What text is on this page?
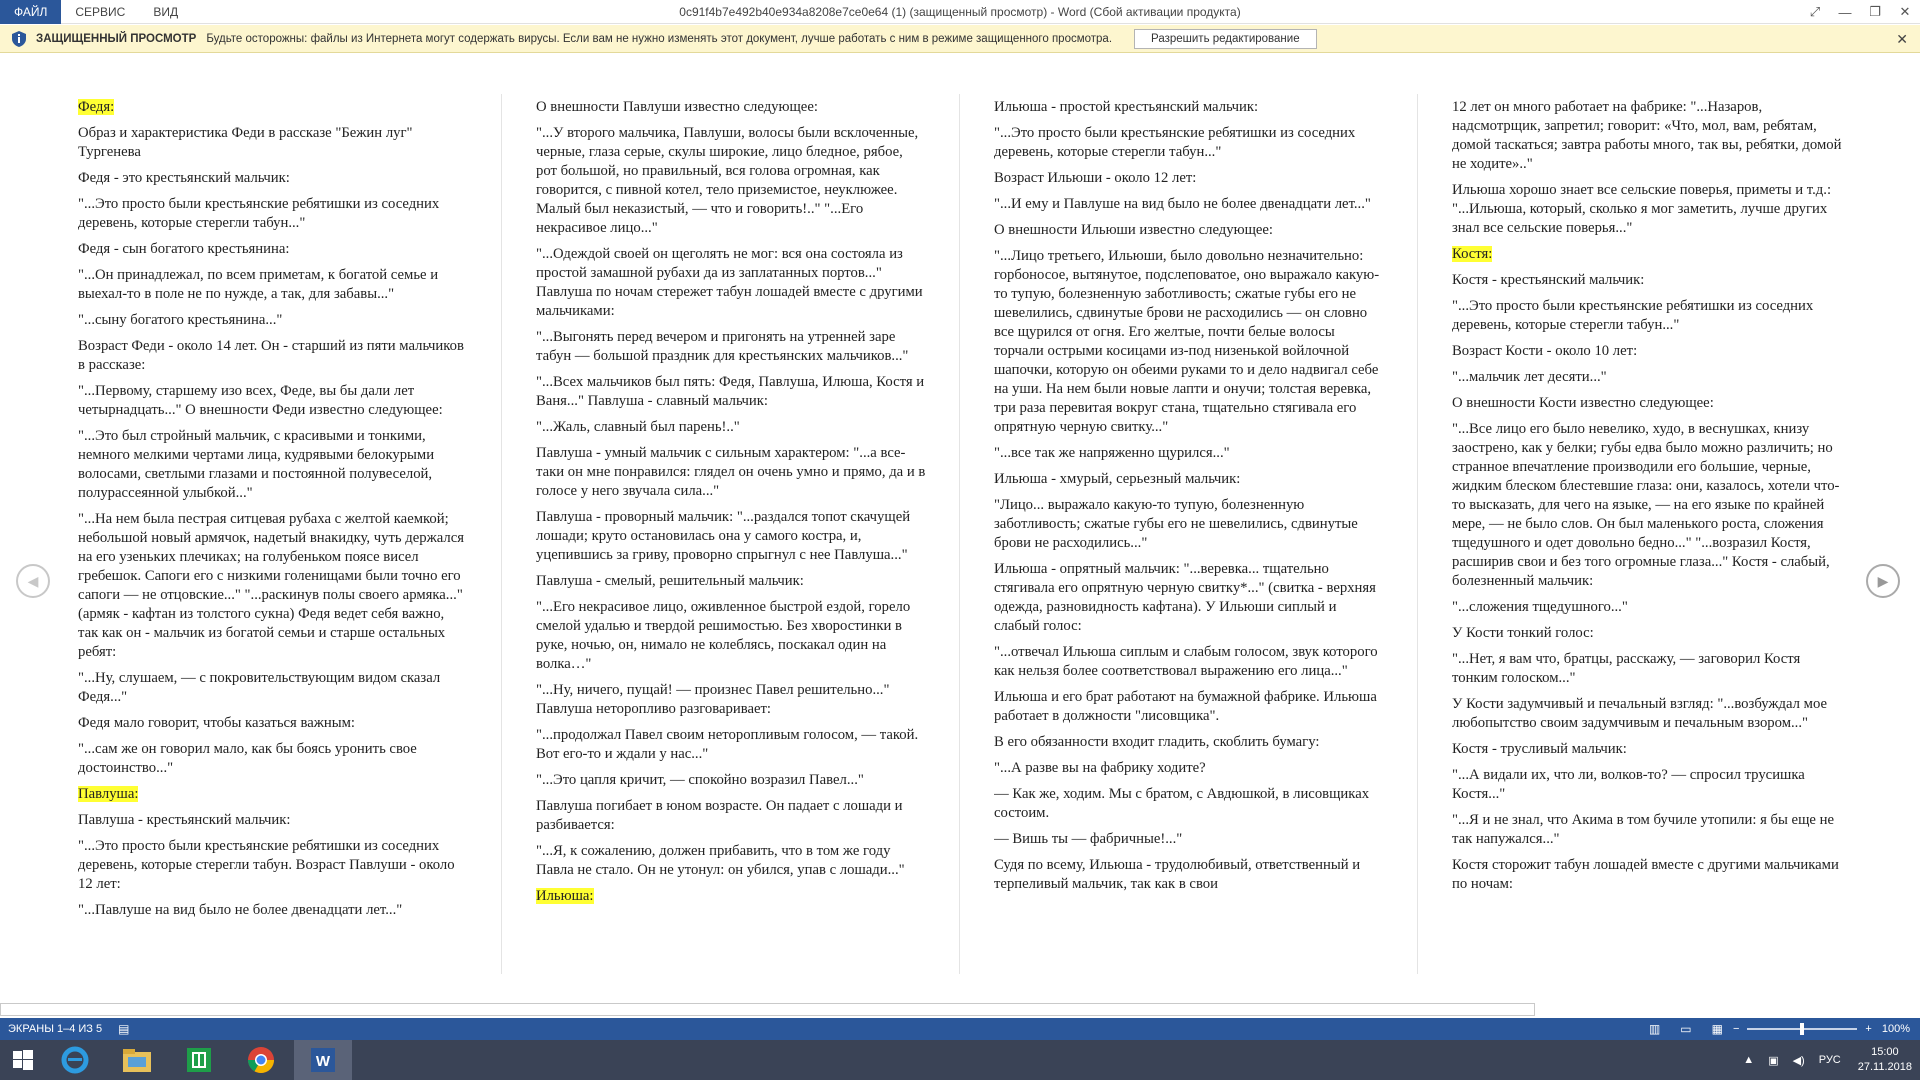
ФАЙЛ	СЕРВИС	ВИД	0c91f4b7e492b40e934a8208e7ce0e64 (1) (защищенный просмотр) - Word (Сбой активации продукта)	⤢	—	❐	✕
ЗАЩИЩЕННЫЙ ПРОСМОТР Будьте осторожны: файлы из Интернета могут содержать вирусы. Если вам не нужно изменять этот документ, лучше работать с ним в режиме защищенного просмотра.	Разрешить редактирование	✕
◀

Федя:

Образ и характеристика Феди в рассказе "Бежин луг" Тургенева

Федя - это крестьянский мальчик:

"...Это просто были крестьянские ребятишки из соседних деревень, которые стерегли табун..."

Федя - сын богатого крестьянина:

"...Он принадлежал, по всем приметам, к богатой семье и выехал-то в поле не по нужде, а так, для забавы..."

"...сыну богатого крестьянина..."

Возраст Феди - около 14 лет. Он - старший из пяти мальчиков в рассказе:

"...Первому, старшему изо всех, Феде, вы бы дали лет четырнадцать..." О внешности Феди известно следующее:

"...Это был стройный мальчик, с красивыми и тонкими, немного мелкими чертами лица, кудрявыми белокурыми волосами, светлыми глазами и постоянной полувеселой, полурассеянной улыбкой..."

"...На нем была пестрая ситцевая рубаха с желтой каемкой; небольшой новый армячок, надетый внакидку, чуть держался на его узеньких плечиках; на голубеньком поясе висел гребешок. Сапоги его с низкими голенищами были точно его сапоги — не отцовские..." "...раскинув полы своего армяка..." (армяк - кафтан из толстого сукна) Федя ведет себя важно, так как он - мальчик из богатой семьи и старше остальных ребят:

"...Ну, слушаем, — с покровительствующим видом сказал Федя..."

Федя мало говорит, чтобы казаться важным:

"...сам же он говорил мало, как бы боясь уронить свое достоинство..."

Павлуша:

Павлуша - крестьянский мальчик:

"...Это просто были крестьянские ребятишки из соседних деревень, которые стерегли табун. Возраст Павлуши - около 12 лет:

"...Павлуше на вид было не более двенадцати лет..."

О внешности Павлуши известно следующее:

"...У второго мальчика, Павлуши, волосы были всклоченные, черные, глаза серые, скулы широкие, лицо бледное, рябое, рот большой, но правильный, вся голова огромная, как говорится, с пивной котел, тело приземистое, неуклюжее. Малый был неказистый, — что и говорить!.." "...Его некрасивое лицо..."

"...Одеждой своей он щеголять не мог: вся она состояла из простой замашной рубахи да из заплатанных портов..." Павлуша по ночам стережет табун лошадей вместе с другими мальчиками:

"...Выгонять перед вечером и пригонять на утренней заре табун — большой праздник для крестьянских мальчиков..."

"...Всех мальчиков был пять: Федя, Павлуша, Илюша, Костя и Ваня..." Павлуша - славный мальчик:

"...Жаль, славный был парень!.."

Павлуша - умный мальчик с сильным характером: "...а все-таки он мне понравился: глядел он очень умно и прямо, да и в голосе у него звучала сила..."

Павлуша - проворный мальчик: "...раздался топот скачущей лошади; круто остановилась она у самого костра, и, уцепившись за гриву, проворно спрыгнул с нее Павлуша..."

Павлуша - смелый, решительный мальчик:

"...Его некрасивое лицо, оживленное быстрой ездой, горело смелой удалью и твердой решимостью. Без хворостинки в руке, ночью, он, нимало не колеблясь, поскакал один на волка…"

"...Ну, ничего, пущай! — произнес Павел решительно..." Павлуша неторопливо разговаривает:

"...продолжал Павел своим неторопливым голосом, — такой. Вот его-то и ждали у нас..."

"...Это цапля кричит, — спокойно возразил Павел..."

Павлуша погибает в юном возрасте. Он падает с лошади и разбивается:

"...Я, к сожалению, должен прибавить, что в том же году Павла не стало. Он не утонул: он убился, упав с лошади..."

Ильюша:

Ильюша - простой крестьянский мальчик:

"...Это просто были крестьянские ребятишки из соседних деревень, которые стерегли табун..."

Возраст Ильюши - около 12 лет:

"...И ему и Павлуше на вид было не более двенадцати лет..."

О внешности Ильюши известно следующее:

"...Лицо третьего, Ильюши, было довольно незначительно: горбоносое, вытянутое, подслеповатое, оно выражало какую-то тупую, болезненную заботливость; сжатые губы его не шевелились, сдвинутые брови не расходились — он словно все щурился от огня. Его желтые, почти белые волосы торчали острыми косицами из-под низенькой войлочной шапочки, которую он обеими руками то и дело надвигал себе на уши. На нем были новые лапти и онучи; толстая веревка, три раза перевитая вокруг стана, тщательно стягивала его опрятную черную свитку..."

"...все так же напряженно щурился..."

Ильюша - хмурый, серьезный мальчик:

"Лицо... выражало какую-то тупую, болезненную заботливость; сжатые губы его не шевелились, сдвинутые брови не расходились..."

Ильюша - опрятный мальчик: "...веревка... тщательно стягивала его опрятную черную свитку*..." (свитка - верхняя одежда, разновидность кафтана). У Ильюши сиплый и слабый голос:

"...отвечал Ильюша сиплым и слабым голосом, звук которого как нельзя более соответствовал выражению его лица..."

Ильюша и его брат работают на бумажной фабрике. Ильюша работает в должности "лисовщика".

В его обязанности входит гладить, скоблить бумагу:

"...А разве вы на фабрику ходите?

— Как же, ходим. Мы с братом, с Авдюшкой, в лисовщиках состоим.

— Вишь ты — фабричные!..."

Судя по всему, Ильюша - трудолюбивый, ответственный и терпеливый мальчик, так как в свои

12 лет он много работает на фабрике: "...Назаров, надсмотрщик, запретил; говорит: «Что, мол, вам, ребятам, домой таскаться; завтра работы много, так вы, ребятки, домой не ходите».."

Ильюша хорошо знает все сельские поверья, приметы и т.д.: "...Ильюша, который, сколько я мог заметить, лучше других знал все сельские поверья..."

Костя:

Костя - крестьянский мальчик:

"...Это просто были крестьянские ребятишки из соседних деревень, которые стерегли табун..."

Возраст Кости - около 10 лет:

"...мальчик лет десяти..."

О внешности Кости известно следующее:

"...Все лицо его было невелико, худо, в веснушках, книзу заострено, как у белки; губы едва было можно различить; но странное впечатление производили его большие, черные, жидким блеском блестевшие глаза: они, казалось, хотели что-то высказать, для чего на языке, — на его языке по крайней мере, — не было слов. Он был маленького роста, сложения тщедушного и одет довольно бедно..." "...возразил Костя, расширив свои и без того огромные глаза..." Костя - слабый, болезненный мальчик:

"...сложения тщедушного..."

У Кости тонкий голос:

"...Нет, я вам что, братцы, расскажу, — заговорил Костя тонким голоском..."

У Кости задумчивый и печальный взгляд: "...возбуждал мое любопытство своим задумчивым и печальным взором..."

Костя - трусливый мальчик:

"...А видали их, что ли, волков-то? — спросил трусишка Костя..."

"...Я и не знал, что Акима в том бучиле утопили: я бы еще не так напужался..."

Костя сторожит табун лошадей вместе с другими мальчиками по ночам:

▶
ЭКРАНЫ 1–4 ИЗ 5 ▤	▥ ▭ ▦ −	+ 100%
W	▲ ▣ ◀) РУС
15:00
27.11.2018
